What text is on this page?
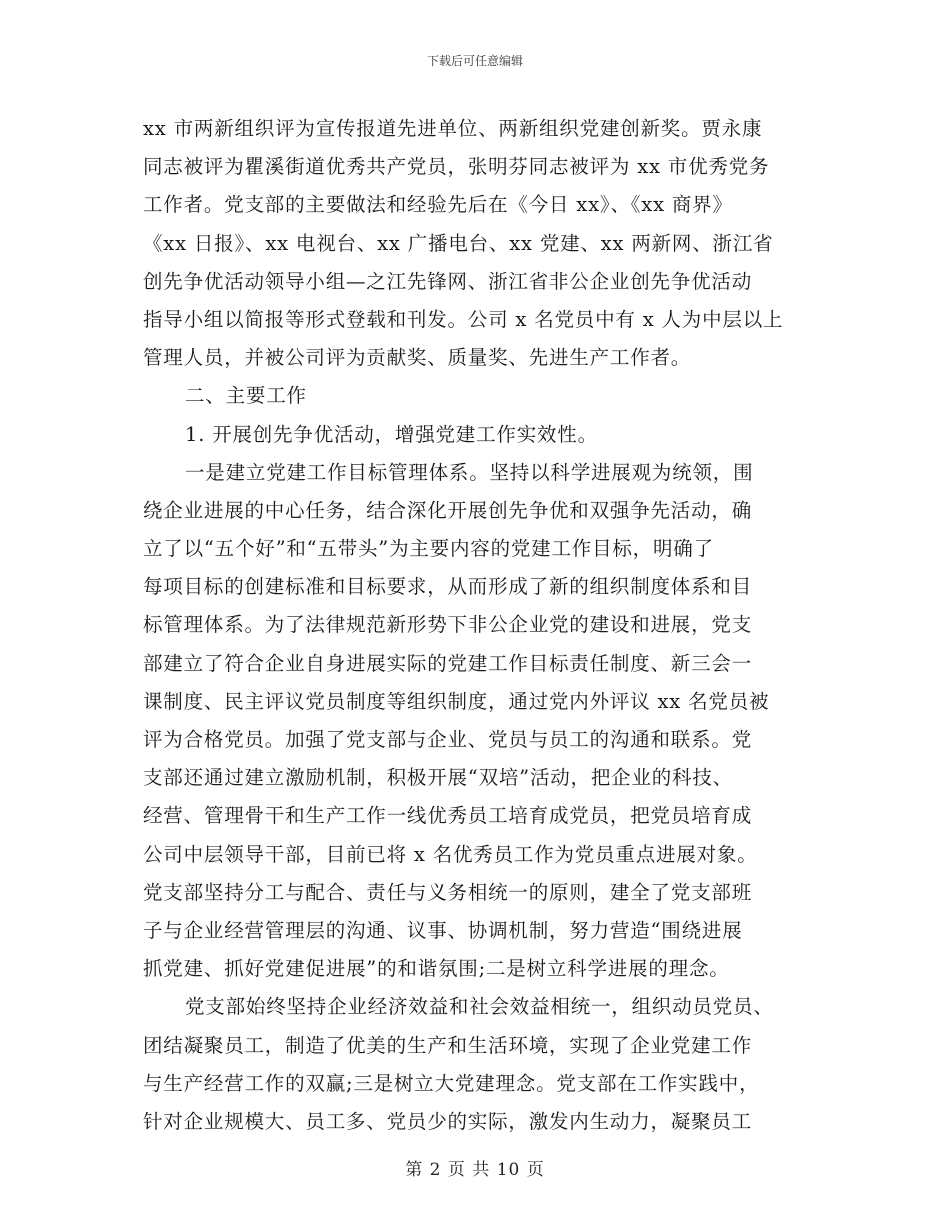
下载后可任意编辑
xx 市两新组织评为宣传报道先进单位、两新组织党建创新奖。贾永康
同志被评为瞿溪街道优秀共产党员，张明芬同志被评为 xx 市优秀党务
工作者。党支部的主要做法和经验先后在《今日 xx》、《xx 商界》
《xx 日报》、xx 电视台、xx 广播电台、xx 党建、xx 两新网、浙江省
创先争优活动领导小组—之江先锋网、浙江省非公企业创先争优活动
指导小组以简报等形式登载和刊发。公司 x 名党员中有 x 人为中层以上
管理人员，并被公司评为贡献奖、质量奖、先进生产工作者。
二、主要工作
1. 开展创先争优活动，增强党建工作实效性。
一是建立党建工作目标管理体系。坚持以科学进展观为统领，围
绕企业进展的中心任务，结合深化开展创先争优和双强争先活动，确
立了以“五个好”和“五带头”为主要内容的党建工作目标，明确了
每项目标的创建标准和目标要求，从而形成了新的组织制度体系和目
标管理体系。为了法律规范新形势下非公企业党的建设和进展，党支
部建立了符合企业自身进展实际的党建工作目标责任制度、新三会一
课制度、民主评议党员制度等组织制度，通过党内外评议 xx 名党员被
评为合格党员。加强了党支部与企业、党员与员工的沟通和联系。党
支部还通过建立激励机制，积极开展“双培”活动，把企业的科技、
经营、管理骨干和生产工作一线优秀员工培育成党员，把党员培育成
公司中层领导干部，目前已将 x 名优秀员工作为党员重点进展对象。
党支部坚持分工与配合、责任与义务相统一的原则，建全了党支部班
子与企业经营管理层的沟通、议事、协调机制，努力营造“围绕进展
抓党建、抓好党建促进展”的和谐氛围;二是树立科学进展的理念。
党支部始终坚持企业经济效益和社会效益相统一，组织动员党员、
团结凝聚员工，制造了优美的生产和生活环境，实现了企业党建工作
与生产经营工作的双赢;三是树立大党建理念。党支部在工作实践中，
针对企业规模大、员工多、党员少的实际，激发内生动力，凝聚员工
第 2 页 共 10 页
